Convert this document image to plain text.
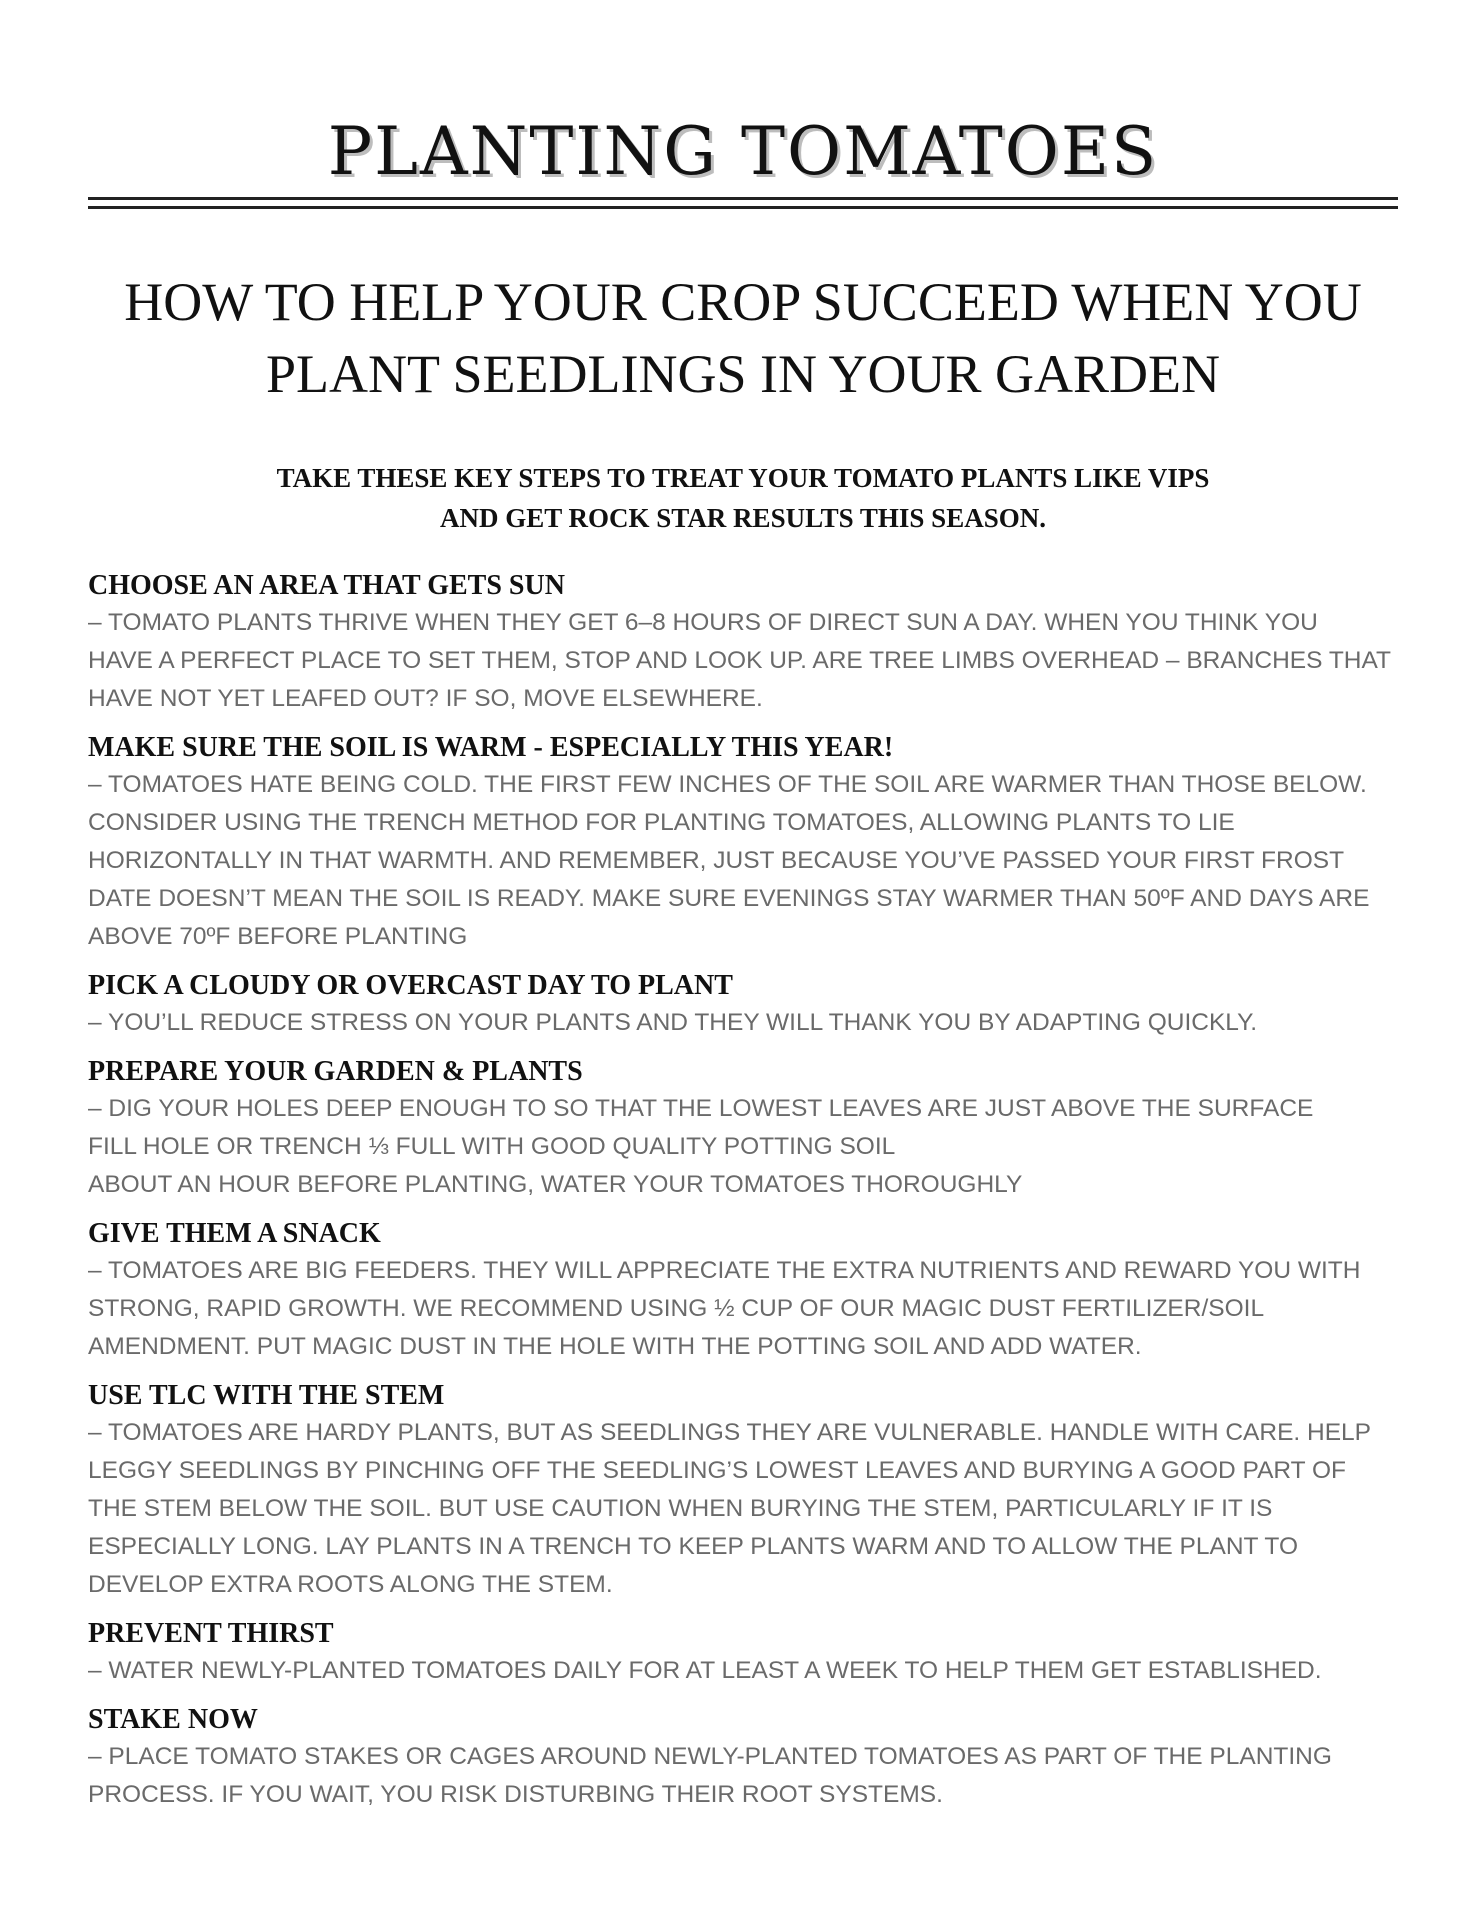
PLANTING TOMATOES
HOW TO HELP YOUR CROP SUCCEED WHEN YOU
PLANT SEEDLINGS IN YOUR GARDEN
TAKE THESE KEY STEPS TO TREAT YOUR TOMATO PLANTS LIKE VIPS
AND GET ROCK STAR RESULTS THIS SEASON.
CHOOSE AN AREA THAT GETS SUN

– TOMATO PLANTS THRIVE WHEN THEY GET 6–8 HOURS OF DIRECT SUN A DAY. WHEN YOU THINK YOU
HAVE A PERFECT PLACE TO SET THEM, STOP AND LOOK UP. ARE TREE LIMBS OVERHEAD – BRANCHES THAT
HAVE NOT YET LEAFED OUT? IF SO, MOVE ELSEWHERE.

MAKE SURE THE SOIL IS WARM - ESPECIALLY THIS YEAR!

– TOMATOES HATE BEING COLD. THE FIRST FEW INCHES OF THE SOIL ARE WARMER THAN THOSE BELOW.
CONSIDER USING THE TRENCH METHOD FOR PLANTING TOMATOES, ALLOWING PLANTS TO LIE
HORIZONTALLY IN THAT WARMTH. AND REMEMBER, JUST BECAUSE YOU’VE PASSED YOUR FIRST FROST
DATE DOESN’T MEAN THE SOIL IS READY. MAKE SURE EVENINGS STAY WARMER THAN 50ºF AND DAYS ARE
ABOVE 70ºF BEFORE PLANTING

PICK A CLOUDY OR OVERCAST DAY TO PLANT

– YOU’LL REDUCE STRESS ON YOUR PLANTS AND THEY WILL THANK YOU BY ADAPTING QUICKLY.

PREPARE YOUR GARDEN & PLANTS

– DIG YOUR HOLES DEEP ENOUGH TO SO THAT THE LOWEST LEAVES ARE JUST ABOVE THE SURFACE
FILL HOLE OR TRENCH ⅓ FULL WITH GOOD QUALITY POTTING SOIL
ABOUT AN HOUR BEFORE PLANTING, WATER YOUR TOMATOES THOROUGHLY

GIVE THEM A SNACK

– TOMATOES ARE BIG FEEDERS. THEY WILL APPRECIATE THE EXTRA NUTRIENTS AND REWARD YOU WITH
STRONG, RAPID GROWTH. WE RECOMMEND USING ½ CUP OF OUR MAGIC DUST FERTILIZER/SOIL
AMENDMENT. PUT MAGIC DUST IN THE HOLE WITH THE POTTING SOIL AND ADD WATER.

USE TLC WITH THE STEM

– TOMATOES ARE HARDY PLANTS, BUT AS SEEDLINGS THEY ARE VULNERABLE. HANDLE WITH CARE. HELP
LEGGY SEEDLINGS BY PINCHING OFF THE SEEDLING’S LOWEST LEAVES AND BURYING A GOOD PART OF
THE STEM BELOW THE SOIL. BUT USE CAUTION WHEN BURYING THE STEM, PARTICULARLY IF IT IS
ESPECIALLY LONG. LAY PLANTS IN A TRENCH TO KEEP PLANTS WARM AND TO ALLOW THE PLANT TO
DEVELOP EXTRA ROOTS ALONG THE STEM.

PREVENT THIRST

– WATER NEWLY-PLANTED TOMATOES DAILY FOR AT LEAST A WEEK TO HELP THEM GET ESTABLISHED.

STAKE NOW

– PLACE TOMATO STAKES OR CAGES AROUND NEWLY-PLANTED TOMATOES AS PART OF THE PLANTING
PROCESS. IF YOU WAIT, YOU RISK DISTURBING THEIR ROOT SYSTEMS.
